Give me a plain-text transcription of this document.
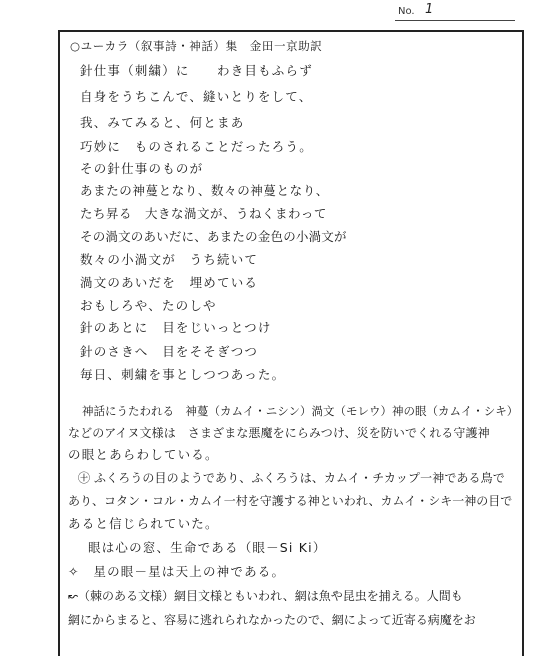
No. 1
○ユーカラ（叙事詩・神話）集　金田一京助訳
針仕事（刺繍）に　　わき目もふらず
自身をうちこんで、縫いとりをして、
我、みてみると、何とまあ
巧妙に　ものされることだったろう。
その針仕事のものが
あまたの神蔓となり、数々の神蔓となり、
たち昇る　大きな渦文が、うねくまわって
その渦文のあいだに、あまたの金色の小渦文が
数々の小渦文が　うち続いて
渦文のあいだを　埋めている
おもしろや、たのしや
針のあとに　目をじいっとつけ
針のさきへ　目をそそぎつつ
毎日、刺繍を事としつつあった。
神話にうたわれる　神蔓（カムイ・ニシン）渦文（モレウ）神の眼（カムイ・シキ）
などのアイヌ文様は　さまざまな悪魔をにらみつけ、災を防いでくれる守護神
の眼とあらわしている。
㊉ ふくろうの目のようであり、ふくろうは、カムイ・チカップ一神である鳥で
あり、コタン・コル・カムイ一村を守護する神といわれ、カムイ・シキ一神の目で
あると信じられていた。
眼は心の窓、生命である（眼－Si Ki）
✧　星の眼－星は天上の神である。
↜（棘のある文様）網目文様ともいわれ、網は魚や昆虫を捕える。人間も
網にからまると、容易に逃れられなかったので、網によって近寄る病魔をお
